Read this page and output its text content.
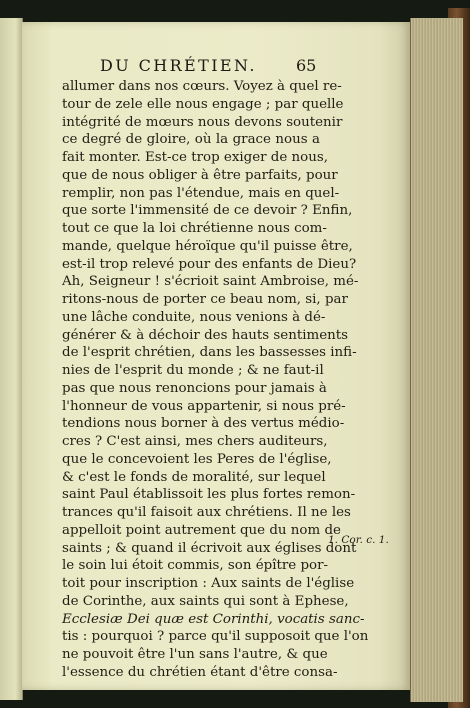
DU CHRÉTIEN.	65
allumer dans nos cœurs. Voyez à quel re-
tour de zele elle nous engage ; par quelle
intégrité de mœurs nous devons soutenir
ce degré de gloire, où la grace nous a
fait monter. Est-ce trop exiger de nous,
que de nous obliger à être parfaits, pour
remplir, non pas l'étendue, mais en quel-
que sorte l'immensité de ce devoir ? Enfin,
tout ce que la loi chrétienne nous com-
mande, quelque héroïque qu'il puisse être,
est-il trop relevé pour des enfants de Dieu?
Ah, Seigneur ! s'écrioit saint Ambroise, mé-
ritons-nous de porter ce beau nom, si, par
une lâche conduite, nous venions à dé-
générer & à déchoir des hauts sentiments
de l'esprit chrétien, dans les bassesses infi-
nies de l'esprit du monde ; & ne faut-il
pas que nous renoncions pour jamais à
l'honneur de vous appartenir, si nous pré-
tendions nous borner à des vertus médio-
cres ? C'est ainsi, mes chers auditeurs,
que le concevoient les Peres de l'église,
& c'est le fonds de moralité, sur lequel
saint Paul établissoit les plus fortes remon-
trances qu'il faisoit aux chrétiens. Il ne les
appelloit point autrement que du nom de
saints ; & quand il écrivoit aux églises dont
le soin lui étoit commis, son épître por-
toit pour inscription : Aux saints de l'église
de Corinthe, aux saints qui sont à Ephese,
Ecclesiæ Dei quæ est Corinthi, vocatis sanc-
tis : pourquoi ? parce qu'il supposoit que l'on
ne pouvoit être l'un sans l'autre, & que
l'essence du chrétien étant d'être consa-
1. Cor. c. 1.
